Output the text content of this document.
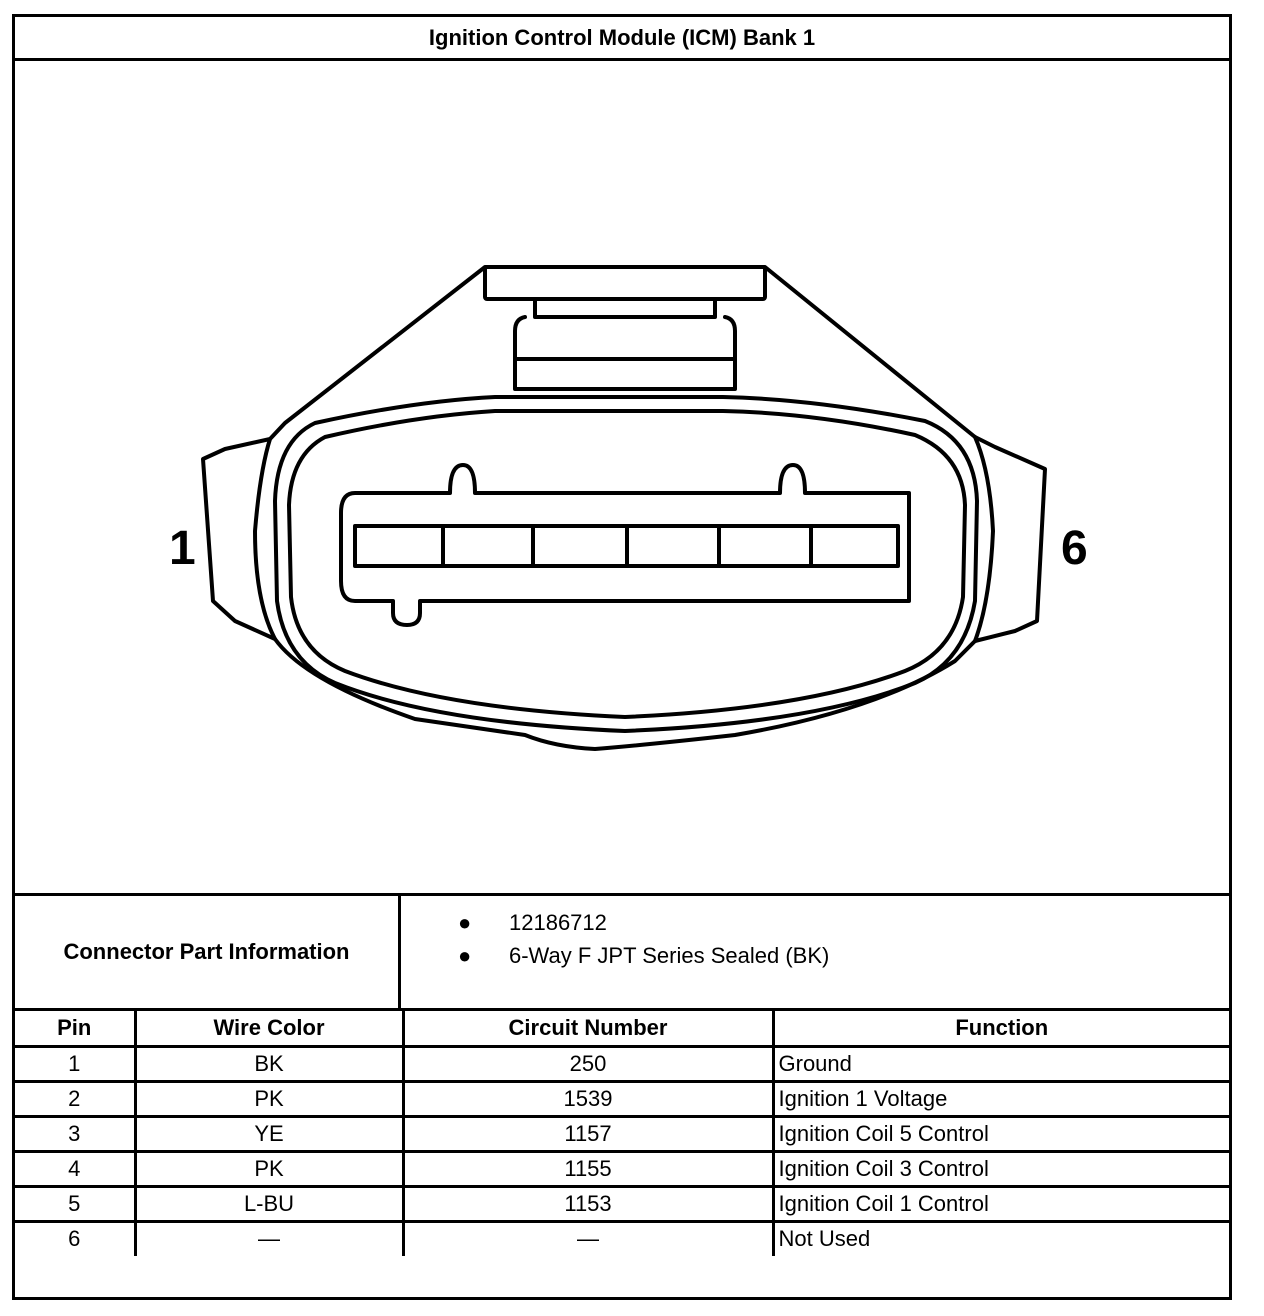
Ignition Control Module (ICM) Bank 1
1	6
Connector Part Information
● 12186712
● 6-Way F JPT Series Sealed (BK)
Pin	Wire Color	Circuit Number	Function
1	BK	250	Ground
2	PK	1539	Ignition 1 Voltage
3	YE	1157	Ignition Coil 5 Control
4	PK	1155	Ignition Coil 3 Control
5	L-BU	1153	Ignition Coil 1 Control
6	—	—	Not Used
